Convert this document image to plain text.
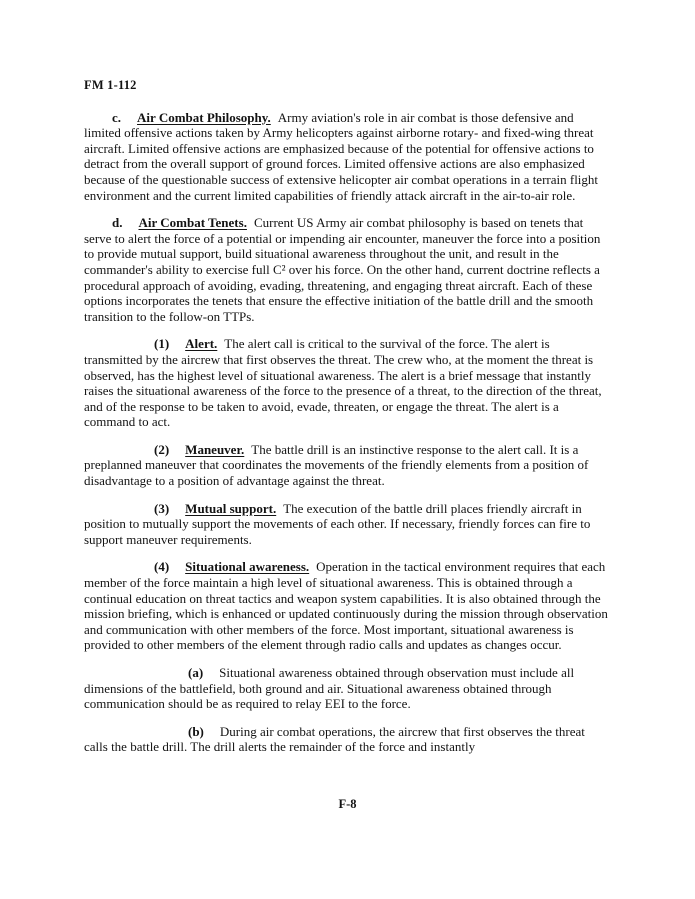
FM 1-112

c. Air Combat Philosophy. Army aviation's role in air combat is those defensive and limited offensive actions taken by Army helicopters against airborne rotary- and fixed-wing threat aircraft. Limited offensive actions are emphasized because of the potential for offensive actions to detract from the overall support of ground forces. Limited offensive actions are also emphasized because of the questionable success of extensive helicopter air combat operations in a terrain flight environment and the current limited capabilities of friendly attack aircraft in the air-to-air role.

d. Air Combat Tenets. Current US Army air combat philosophy is based on tenets that serve to alert the force of a potential or impending air encounter, maneuver the force into a position to provide mutual support, build situational awareness throughout the unit, and result in the commander's ability to exercise full C² over his force. On the other hand, current doctrine reflects a procedural approach of avoiding, evading, threatening, and engaging threat aircraft. Each of these options incorporates the tenets that ensure the effective initiation of the battle drill and the smooth transition to the follow-on TTPs.

(1) Alert. The alert call is critical to the survival of the force. The alert is transmitted by the aircrew that first observes the threat. The crew who, at the moment the threat is observed, has the highest level of situational awareness. The alert is a brief message that instantly raises the situational awareness of the force to the presence of a threat, to the direction of the threat, and of the response to be taken to avoid, evade, threaten, or engage the threat. The alert is a command to act.

(2) Maneuver. The battle drill is an instinctive response to the alert call. It is a preplanned maneuver that coordinates the movements of the friendly elements from a position of disadvantage to a position of advantage against the threat.

(3) Mutual support. The execution of the battle drill places friendly aircraft in position to mutually support the movements of each other. If necessary, friendly forces can fire to support maneuver requirements.

(4) Situational awareness. Operation in the tactical environment requires that each member of the force maintain a high level of situational awareness. This is obtained through a continual education on threat tactics and weapon system capabilities. It is also obtained through the mission briefing, which is enhanced or updated continuously during the mission through observation and communication with other members of the force. Most important, situational awareness is provided to other members of the element through radio calls and updates as changes occur.

(a) Situational awareness obtained through observation must include all dimensions of the battlefield, both ground and air. Situational awareness obtained through communication should be as required to relay EEI to the force.

(b) During air combat operations, the aircrew that first observes the threat calls the battle drill. The drill alerts the remainder of the force and instantly

F-8
